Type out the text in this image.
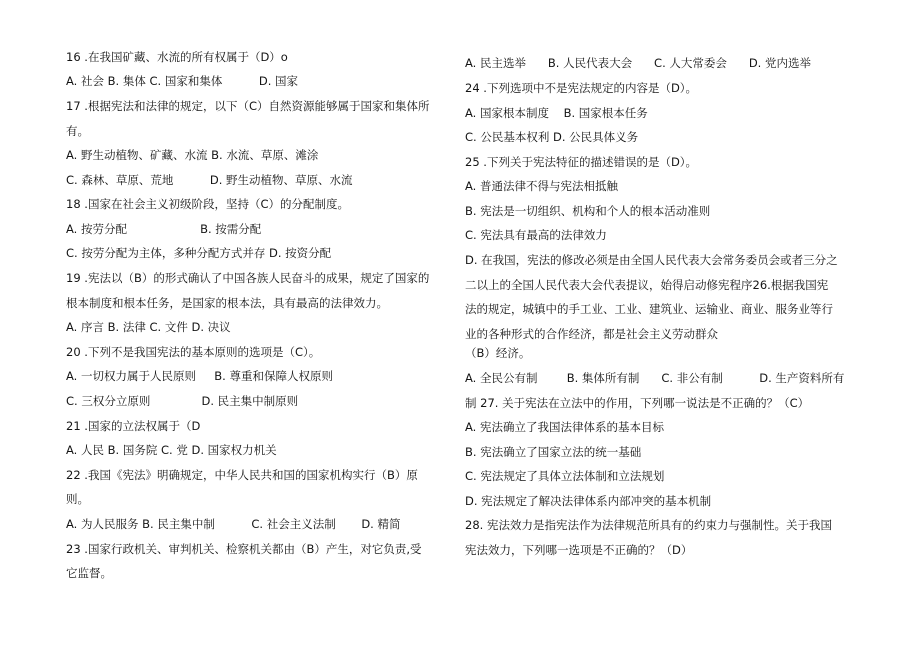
16 .在我国矿藏、水流的所有权属于（D）o
A. 社会 B. 集体 C. 国家和集体          D. 国家
17 .根据宪法和法律的规定，以下（C）自然资源能够属于国家和集体所
有。
A. 野生动植物、矿藏、水流 B. 水流、草原、滩涂
C. 森林、草原、荒地          D. 野生动植物、草原、水流
18 .国家在社会主义初级阶段，坚持（C）的分配制度。
A. 按劳分配                    B. 按需分配
C. 按劳分配为主体，多种分配方式并存 D. 按资分配
19 .宪法以（B）的形式确认了中国各族人民奋斗的成果，规定了国家的
根本制度和根本任务，是国家的根本法，具有最高的法律效力。
A. 序言 B. 法律 C. 文件 D. 决议
20 .下列不是我国宪法的基本原则的选项是（C）。
A. 一切权力属于人民原则     B. 尊重和保障人权原则
C. 三权分立原则              D. 民主集中制原则
21 .国家的立法权属于（D
A. 人民 B. 国务院 C. 党 D. 国家权力机关
22 .我国《宪法》明确规定，中华人民共和国的国家机构实行（B）原
则。
A. 为人民服务 B. 民主集中制          C. 社会主义法制       D. 精简
23 .国家行政机关、审判机关、检察机关都由（B）产生，对它负责,受
它监督。
A. 民主选举      B. 人民代表大会      C. 人大常委会      D. 党内选举
24 .下列选项中不是宪法规定的内容是（D）。
A. 国家根本制度    B. 国家根本任务
C. 公民基本权利 D. 公民具体义务
25 .下列关于宪法特征的描述错误的是（D）。
A. 普通法律不得与宪法相抵触
B. 宪法是一切组织、机构和个人的根本活动准则
C. 宪法具有最高的法律效力
D. 在我国，宪法的修改必须是由全国人民代表大会常务委员会或者三分之
二以上的全国人民代表大会代表提议，始得启动修宪程序26.根据我国宪
法的规定，城镇中的手工业、工业、建筑业、运输业、商业、服务业等行
业的各种形式的合作经济，都是社会主义劳动群众
（B）经济。
A. 全民公有制        B. 集体所有制      C. 非公有制          D. 生产资料所有
制 27. 关于宪法在立法中的作用，下列哪一说法是不正确的？（C）
A. 宪法确立了我国法律体系的基本目标
B. 宪法确立了国家立法的统一基础
C. 宪法规定了具体立法体制和立法规划
D. 宪法规定了解决法律体系内部冲突的基本机制
28. 宪法效力是指宪法作为法律规范所具有的约束力与强制性。关于我国
宪法效力，下列哪一选项是不正确的？（D）
